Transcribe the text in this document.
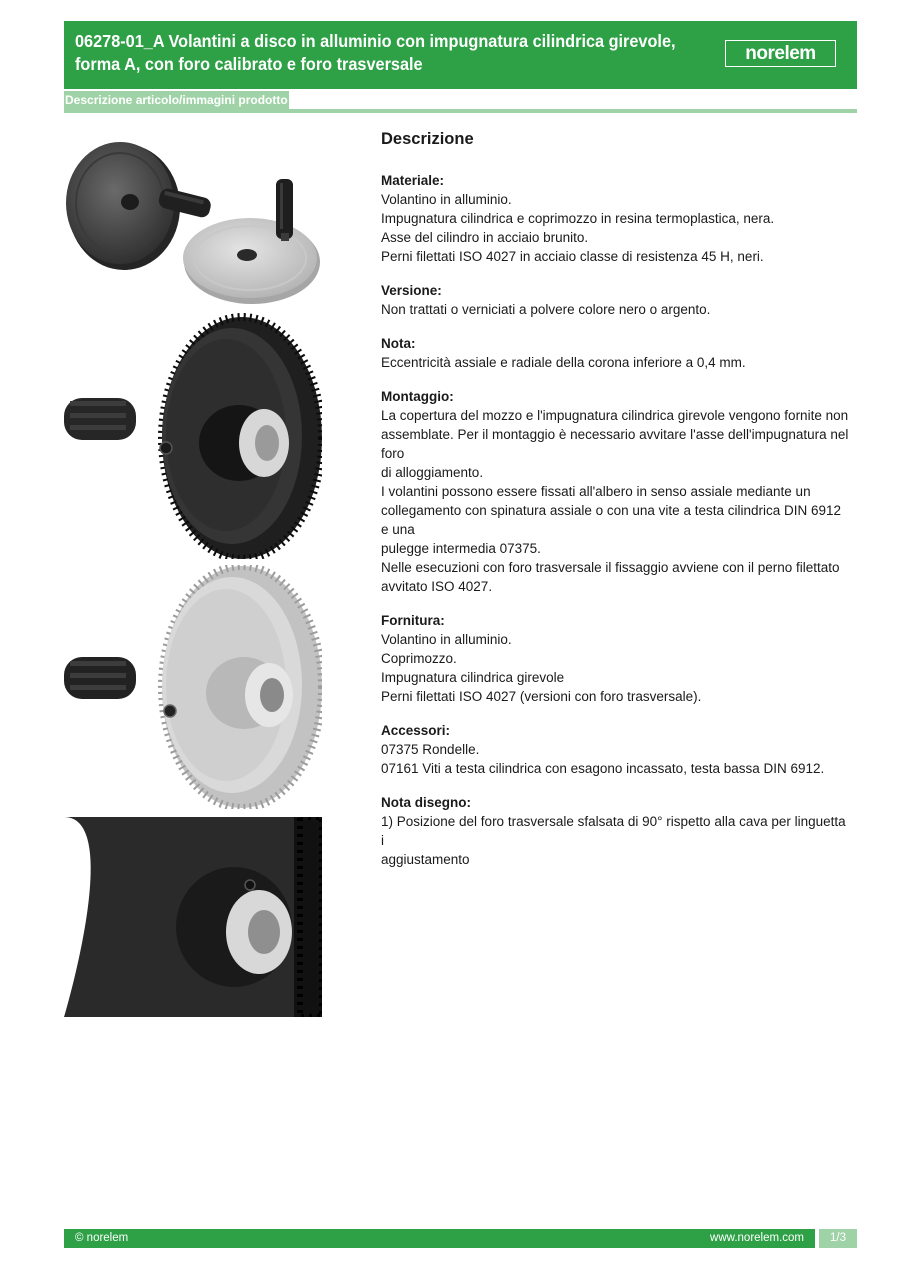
06278-01_A Volantini a disco in alluminio con impugnatura cilindrica girevole,
forma A, con foro calibrato e foro trasversale
norelem
Descrizione articolo/immagini prodotto
Descrizione
Materiale:
Volantino in alluminio.
Impugnatura cilindrica e coprimozzo in resina termoplastica, nera.
Asse del cilindro in acciaio brunito.
Perni filettati ISO 4027 in acciaio classe di resistenza 45 H, neri.
Versione:
Non trattati o verniciati a polvere colore nero o argento.
Nota:
Eccentricità assiale e radiale della corona inferiore a 0,4 mm.
Montaggio:
La copertura del mozzo e l'impugnatura cilindrica girevole vengono fornite non
assemblate. Per il montaggio è necessario avvitare l'asse dell'impugnatura nel foro
di alloggiamento.
I volantini possono essere fissati all'albero in senso assiale mediante un
collegamento con spinatura assiale o con una vite a testa cilindrica DIN 6912 e una
pulegge intermedia 07375.
Nelle esecuzioni con foro trasversale il fissaggio avviene con il perno filettato
avvitato ISO 4027.
Fornitura:
Volantino in alluminio.
Coprimozzo.
Impugnatura cilindrica girevole
Perni filettati ISO 4027 (versioni con foro trasversale).
Accessori:
07375 Rondelle.
07161 Viti a testa cilindrica con esagono incassato, testa bassa DIN 6912.
Nota disegno:
1) Posizione del foro trasversale sfalsata di 90° rispetto alla cava per linguetta i
aggiustamento
© norelem	www.norelem.com	1/3
